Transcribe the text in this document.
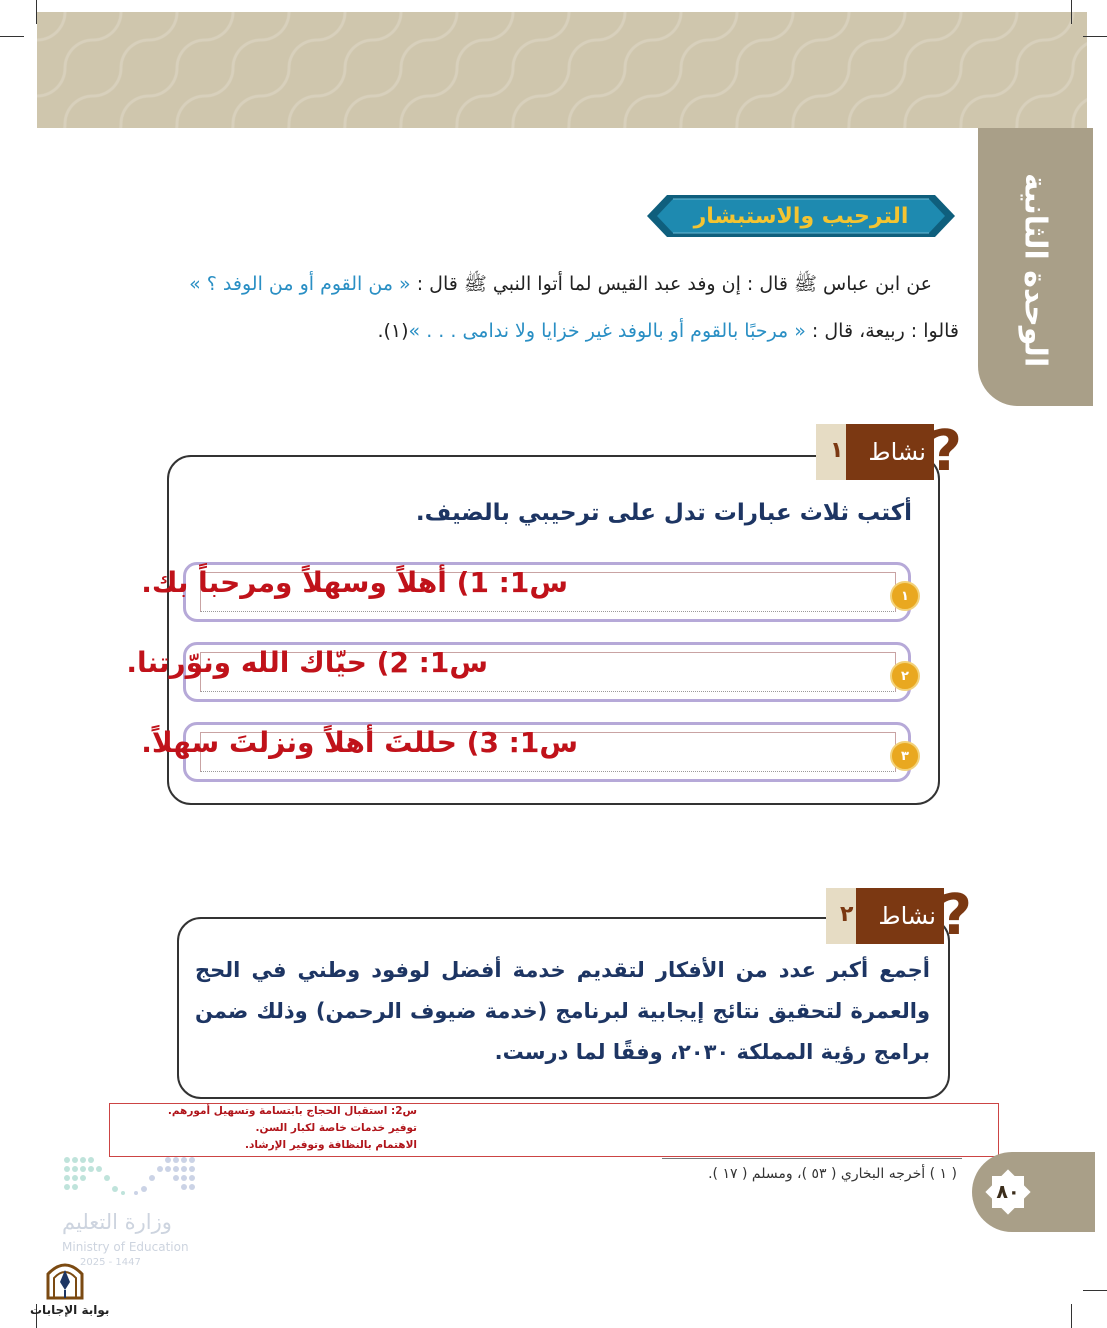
الوحدة الثانية
الترحيب والاستبشار
عن ابن عباس ﷺ قال : إن وفد عبد القيس لما أتوا النبي ﷺ قال : « من القوم أو من الوفد ؟ »
قالوا : ربيعة، قال : « مرحبًا بالقوم أو بالوفد غير خزايا ولا ندامى . . . »(١).
نشاط
١ ?
أكتب ثلاث عبارات تدل على ترحيبي بالضيف.
س1: 1) أهلاً وسهلاً ومرحباً بك.	١
س1: 2) حيّاك الله ونوّرتنا.	٢
س1: 3) حللتَ أهلاً ونزلتَ سهلاً.	٣
نشاط
٢ ?
أجمع أكبر عدد من الأفكار لتقديم خدمة أفضل لوفود وطني في الحج والعمرة لتحقيق نتائج إيجابية لبرنامج (خدمة ضيوف الرحمن) وذلك ضمن برامج رؤية المملكة ٢٠٣٠، وفقًا لما درست.
س2: استقبال الحجاج بابتسامة وتسهيل أمورهم.
توفير خدمات خاصة لكبار السن.
الاهتمام بالنظافة وتوفير الإرشاد.
( ١ ) أخرجه البخاري ( ٥٣ )، ومسلم ( ١٧ ).
٨٠
وزارة التعليم
Ministry of Education
2025 - 1447
بوابة الإجابات
